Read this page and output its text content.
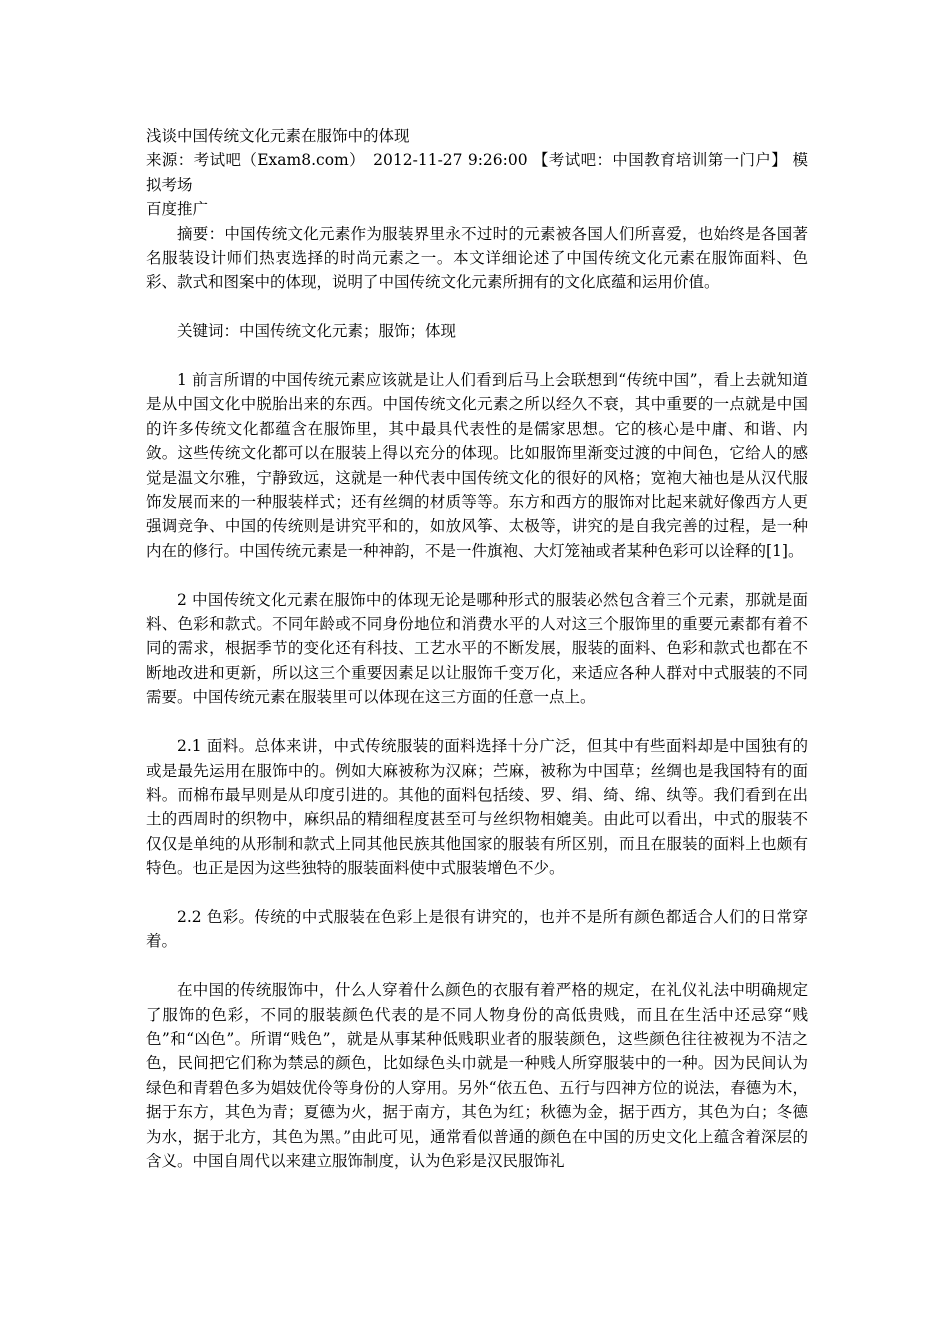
浅谈中国传统文化元素在服饰中的体现
来源：考试吧（Exam8.com）　2012-11-27 9:26:00 【考试吧：中国教育培训第一门户】 模拟考场
百度推广

摘要：中国传统文化元素作为服装界里永不过时的元素被各国人们所喜爱，也始终是各国著名服装设计师们热衷选择的时尚元素之一。本文详细论述了中国传统文化元素在服饰面料、色彩、款式和图案中的体现，说明了中国传统文化元素所拥有的文化底蕴和运用价值。

关键词：中国传统文化元素；服饰；体现

1 前言所谓的中国传统元素应该就是让人们看到后马上会联想到“传统中国”，看上去就知道是从中国文化中脱胎出来的东西。中国传统文化元素之所以经久不衰，其中重要的一点就是中国的许多传统文化都蕴含在服饰里，其中最具代表性的是儒家思想。它的核心是中庸、和谐、内敛。这些传统文化都可以在服装上得以充分的体现。比如服饰里渐变过渡的中间色，它给人的感觉是温文尔雅，宁静致远，这就是一种代表中国传统文化的很好的风格；宽袍大袖也是从汉代服饰发展而来的一种服装样式；还有丝绸的材质等等。东方和西方的服饰对比起来就好像西方人更强调竞争、中国的传统则是讲究平和的，如放风筝、太极等，讲究的是自我完善的过程，是一种内在的修行。中国传统元素是一种神韵，不是一件旗袍、大灯笼袖或者某种色彩可以诠释的[1]。

2 中国传统文化元素在服饰中的体现无论是哪种形式的服装必然包含着三个元素，那就是面料、色彩和款式。不同年龄或不同身份地位和消费水平的人对这三个服饰里的重要元素都有着不同的需求，根据季节的变化还有科技、工艺水平的不断发展，服装的面料、色彩和款式也都在不断地改进和更新，所以这三个重要因素足以让服饰千变万化，来适应各种人群对中式服装的不同需要。中国传统元素在服装里可以体现在这三方面的任意一点上。

2.1 面料。总体来讲，中式传统服装的面料选择十分广泛，但其中有些面料却是中国独有的或是最先运用在服饰中的。例如大麻被称为汉麻；苎麻，被称为中国草；丝绸也是我国特有的面料。而棉布最早则是从印度引进的。其他的面料包括绫、罗、绢、绮、绵、纨等。我们看到在出土的西周时的织物中，麻织品的精细程度甚至可与丝织物相媲美。由此可以看出，中式的服装不仅仅是单纯的从形制和款式上同其他民族其他国家的服装有所区别，而且在服装的面料上也颇有特色。也正是因为这些独特的服装面料使中式服装增色不少。

2.2 色彩。传统的中式服装在色彩上是很有讲究的，也并不是所有颜色都适合人们的日常穿着。

在中国的传统服饰中，什么人穿着什么颜色的衣服有着严格的规定，在礼仪礼法中明确规定了服饰的色彩，不同的服装颜色代表的是不同人物身份的高低贵贱，而且在生活中还忌穿“贱色”和“凶色”。所谓“贱色”，就是从事某种低贱职业者的服装颜色，这些颜色往往被视为不洁之色，民间把它们称为禁忌的颜色，比如绿色头巾就是一种贱人所穿服装中的一种。因为民间认为绿色和青碧色多为娼妓优伶等身份的人穿用。另外“依五色、五行与四神方位的说法，春德为木，据于东方，其色为青；夏德为火，据于南方，其色为红；秋德为金，据于西方，其色为白；冬德为水，据于北方，其色为黑。”由此可见，通常看似普通的颜色在中国的历史文化上蕴含着深层的含义。中国自周代以来建立服饰制度，认为色彩是汉民服饰礼
